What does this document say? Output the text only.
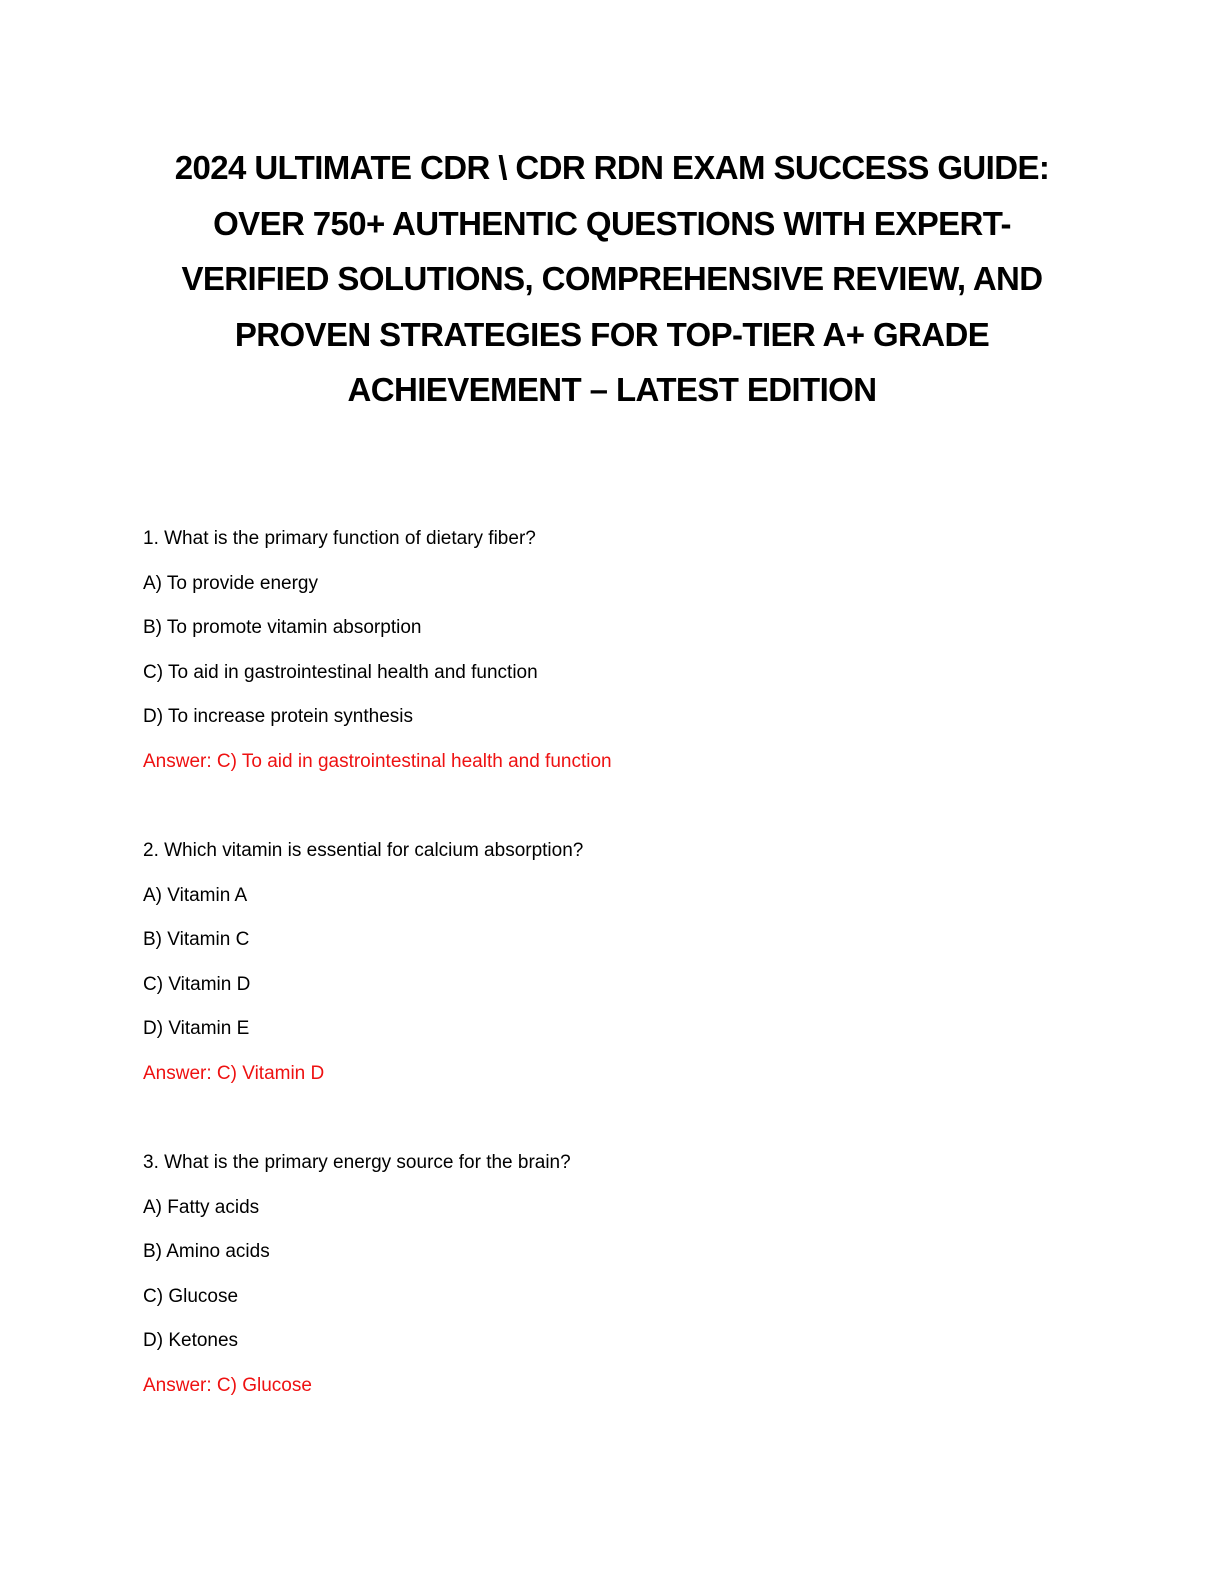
2024 ULTIMATE CDR \ CDR RDN EXAM SUCCESS GUIDE:
OVER 750+ AUTHENTIC QUESTIONS WITH EXPERT-
VERIFIED SOLUTIONS, COMPREHENSIVE REVIEW, AND
PROVEN STRATEGIES FOR TOP-TIER A+ GRADE
ACHIEVEMENT – LATEST EDITION
1. What is the primary function of dietary fiber?
A) To provide energy
B) To promote vitamin absorption
C) To aid in gastrointestinal health and function
D) To increase protein synthesis
Answer: C) To aid in gastrointestinal health and function
2. Which vitamin is essential for calcium absorption?
A) Vitamin A
B) Vitamin C
C) Vitamin D
D) Vitamin E
Answer: C) Vitamin D
3. What is the primary energy source for the brain?
A) Fatty acids
B) Amino acids
C) Glucose
D) Ketones
Answer: C) Glucose
